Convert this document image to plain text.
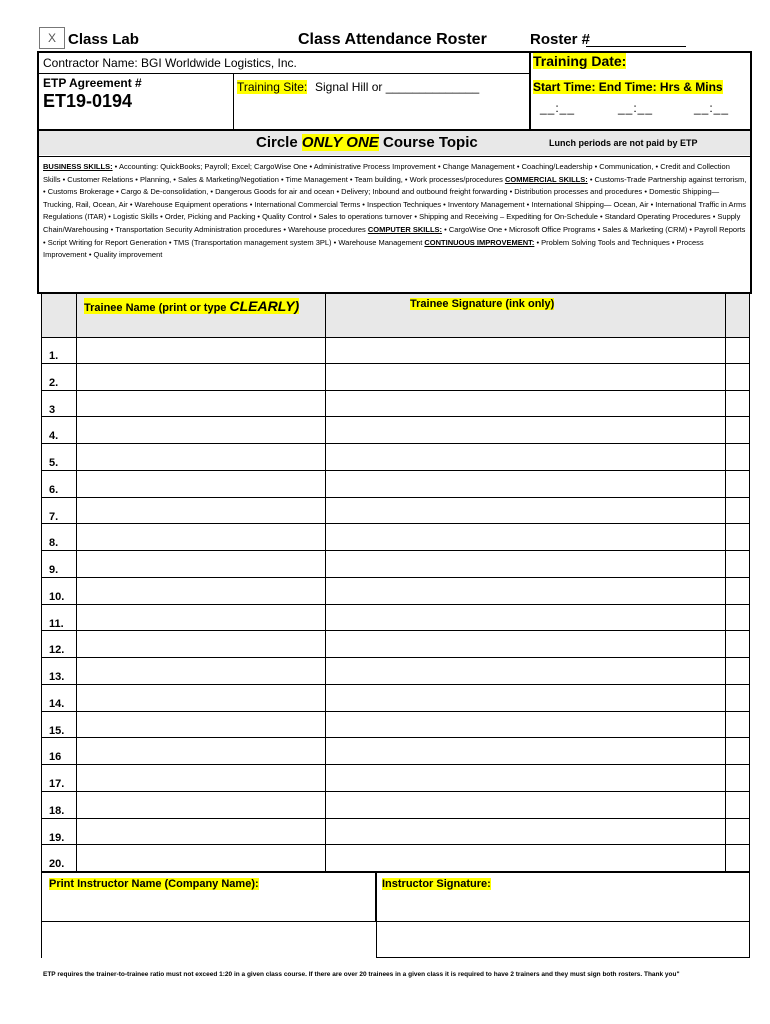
X Class Lab	Class Attendance Roster	Roster #
Contractor Name: BGI Worldwide Logistics, Inc.	Training Date:
ETP Agreement #
ET19-0194
Training Site: Signal Hill or ______________	Start Time: End Time: Hrs & Mins
__:__	__:__	__:__
Circle ONLY ONE Course Topic	Lunch periods are not paid by ETP
BUSINESS SKILLS: • Accounting: QuickBooks; Payroll; Excel; CargoWise One • Administrative Process Improvement • Change Management • Coaching/Leadership • Communication, • Credit and Collection Skills • Customer Relations • Planning, • Sales & Marketing/Negotiation • Time Management • Team building, • Work processes/procedures COMMERCIAL SKILLS: • Customs-Trade Partnership against terrorism, • Customs Brokerage • Cargo & De-consolidation, • Dangerous Goods for air and ocean • Delivery; Inbound and outbound freight forwarding • Distribution processes and procedures • Domestic Shipping—Trucking, Rail, Ocean, Air • Warehouse Equipment operations • International Commercial Terms • Inspection Techniques • Inventory Management • International Shipping— Ocean, Air • International Traffic in Arms Regulations (ITAR) • Logistic Skills • Order, Picking and Packing • Quality Control • Sales to operations turnover • Shipping and Receiving – Expediting for On-Schedule • Standard Operating Procedures • Supply Chain/Warehousing • Transportation Security Administration procedures • Warehouse procedures COMPUTER SKILLS: • CargoWise One • Microsoft Office Programs • Sales & Marketing (CRM) • Payroll Reports • Script Writing for Report Generation • TMS (Transportation management system 3PL) • Warehouse Management CONTINUOUS IMPROVEMENT: • Problem Solving Tools and Techniques • Process Improvement • Quality improvement
Trainee Name (print or type CLEARLY)	Trainee Signature (ink only)
1.
2.
3
4.
5.
6.
7.
8.
9.
10.
11.
12.
13.
14.
15.
16
17.
18.
19.
20.
Print Instructor Name (Company Name):	Instructor Signature:
ETP requires the trainer-to-trainee ratio must not exceed 1:20 in a given class course. If there are over 20 trainees in a given class it is required to have 2 trainers and they must sign both rosters. Thank you"
